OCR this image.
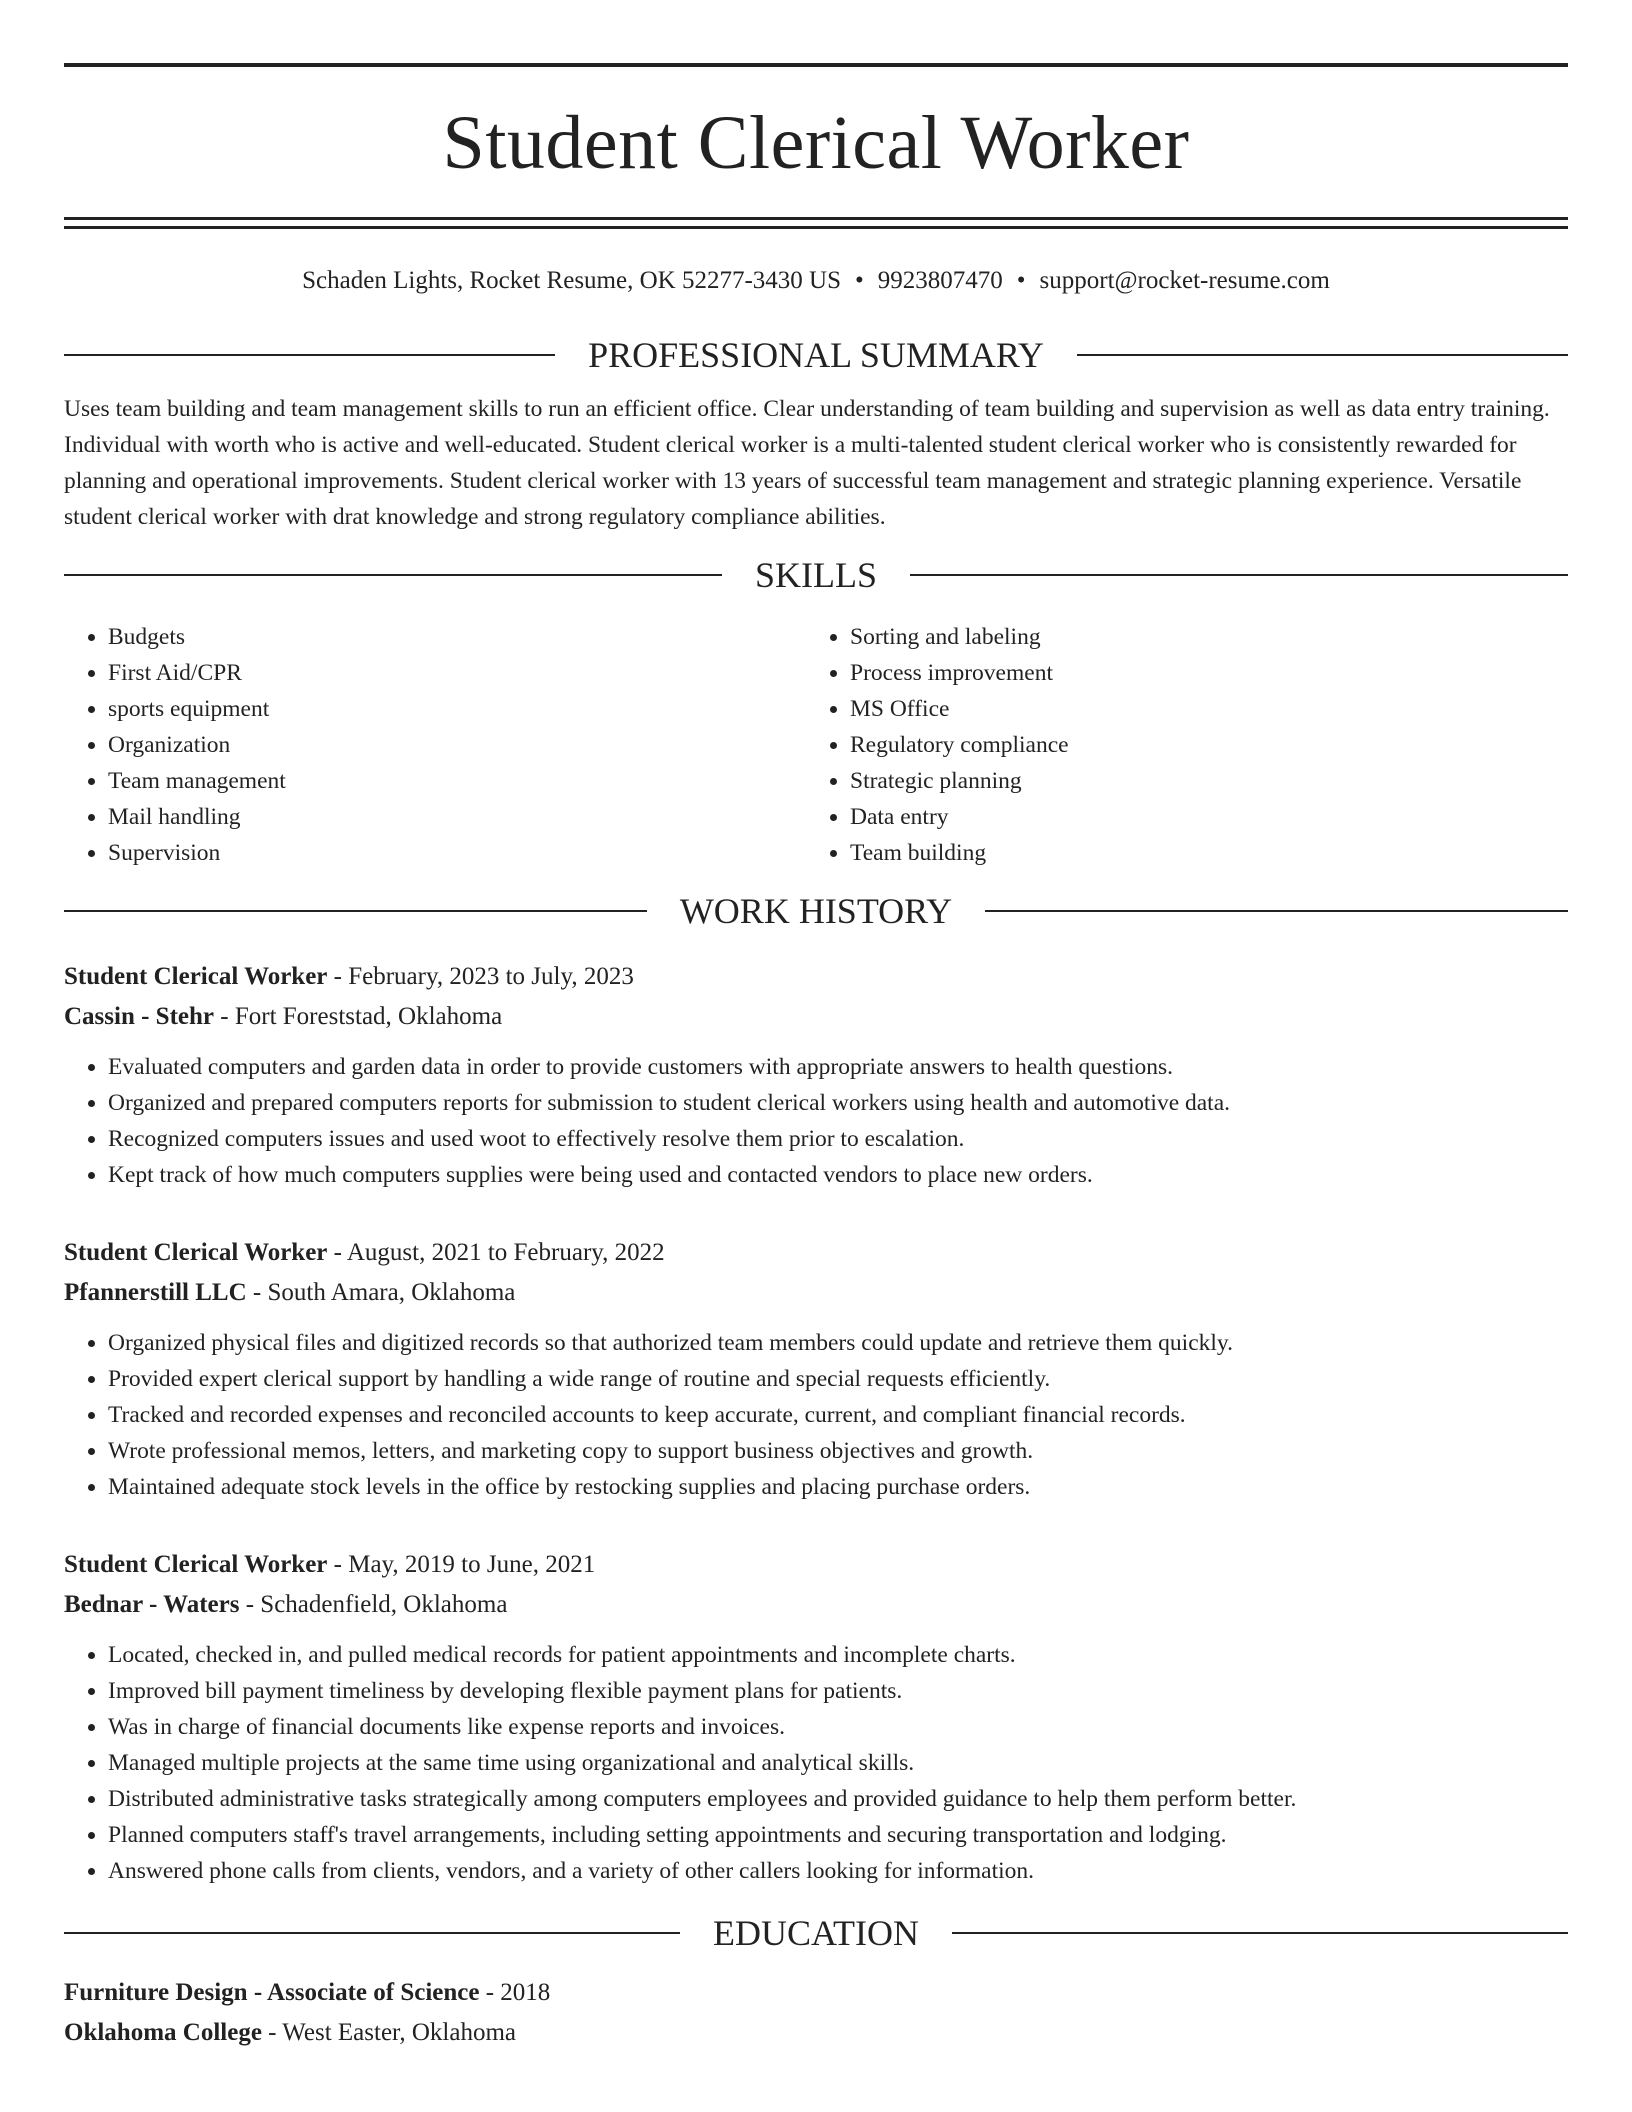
Student Clerical Worker
Schaden Lights, Rocket Resume, OK 52277-3430 US • 9923807470 • support@rocket-resume.com
PROFESSIONAL SUMMARY

Uses team building and team management skills to run an efficient office. Clear understanding of team building and supervision as well as data entry training. Individual with worth who is active and well-educated. Student clerical worker is a multi-talented student clerical worker who is consistently rewarded for planning and operational improvements. Student clerical worker with 13 years of successful team management and strategic planning experience. Versatile student clerical worker with drat knowledge and strong regulatory compliance abilities.

SKILLS
• Budgets
• First Aid/CPR
• sports equipment
• Organization
• Team management
• Mail handling
• Supervision
• Sorting and labeling
• Process improvement
• MS Office
• Regulatory compliance
• Strategic planning
• Data entry
• Team building
WORK HISTORY
Student Clerical Worker - February, 2023 to July, 2023
Cassin - Stehr - Fort Foreststad, Oklahoma
• Evaluated computers and garden data in order to provide customers with appropriate answers to health questions.
• Organized and prepared computers reports for submission to student clerical workers using health and automotive data.
• Recognized computers issues and used woot to effectively resolve them prior to escalation.
• Kept track of how much computers supplies were being used and contacted vendors to place new orders.
Student Clerical Worker - August, 2021 to February, 2022
Pfannerstill LLC - South Amara, Oklahoma
• Organized physical files and digitized records so that authorized team members could update and retrieve them quickly.
• Provided expert clerical support by handling a wide range of routine and special requests efficiently.
• Tracked and recorded expenses and reconciled accounts to keep accurate, current, and compliant financial records.
• Wrote professional memos, letters, and marketing copy to support business objectives and growth.
• Maintained adequate stock levels in the office by restocking supplies and placing purchase orders.
Student Clerical Worker - May, 2019 to June, 2021
Bednar - Waters - Schadenfield, Oklahoma
• Located, checked in, and pulled medical records for patient appointments and incomplete charts.
• Improved bill payment timeliness by developing flexible payment plans for patients.
• Was in charge of financial documents like expense reports and invoices.
• Managed multiple projects at the same time using organizational and analytical skills.
• Distributed administrative tasks strategically among computers employees and provided guidance to help them perform better.
• Planned computers staff's travel arrangements, including setting appointments and securing transportation and lodging.
• Answered phone calls from clients, vendors, and a variety of other callers looking for information.
EDUCATION
Furniture Design - Associate of Science - 2018
Oklahoma College - West Easter, Oklahoma
